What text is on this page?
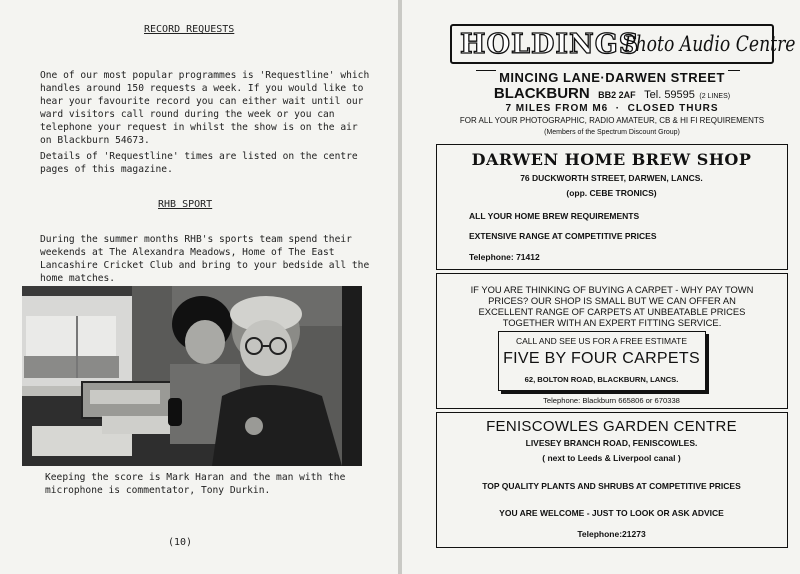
RECORD REQUESTS
One of our most popular programmes is 'Requestline' which handles around 150 requests a week. If you would like to hear your favourite record you can either wait until our ward visitors call round during the week or you can telephone your request in whilst the show is on the air on Blackburn 54673.
Details of 'Requestline' times are listed on the centre pages of this magazine.
RHB SPORT
During the summer months RHB's sports team spend their weekends at The Alexandra Meadows, Home of The East Lancashire Cricket Club and bring to your bedside all the home matches.
Keeping the score is Mark Haran and the man with the microphone is commentator, Tony Durkin.
(10)
HOLDINGS
Photo Audio Centre
MINCING LANE·DARWEN STREET
BLACKBURN BB2 2AF Tel. 59595 (2 LINES)
7 MILES FROM M6  ·  CLOSED THURS
FOR ALL YOUR PHOTOGRAPHIC, RADIO AMATEUR, CB & HI FI REQUIREMENTS
(Members of the Spectrum Discount Group)
DARWEN HOME BREW SHOP
76 DUCKWORTH STREET, DARWEN, LANCS.
(opp. CEBE TRONICS)
ALL YOUR HOME BREW REQUIREMENTS
EXTENSIVE RANGE AT COMPETITIVE PRICES
Telephone: 71412
IF YOU ARE THINKING OF BUYING A CARPET - WHY PAY TOWN PRICES? OUR SHOP IS SMALL BUT WE CAN OFFER AN EXCELLENT RANGE OF CARPETS AT UNBEATABLE PRICES TOGETHER WITH AN EXPERT FITTING SERVICE.
CALL AND SEE US FOR A FREE ESTIMATE
FIVE BY FOUR CARPETS
62, BOLTON ROAD, BLACKBURN, LANCS.
Telephone: Blackburn 665806 or 670338
FENISCOWLES GARDEN CENTRE
LIVESEY BRANCH ROAD, FENISCOWLES.
( next to Leeds & Liverpool canal )
TOP QUALITY PLANTS AND SHRUBS AT COMPETITIVE PRICES
YOU ARE WELCOME - JUST TO LOOK OR ASK ADVICE
Telephone:21273
